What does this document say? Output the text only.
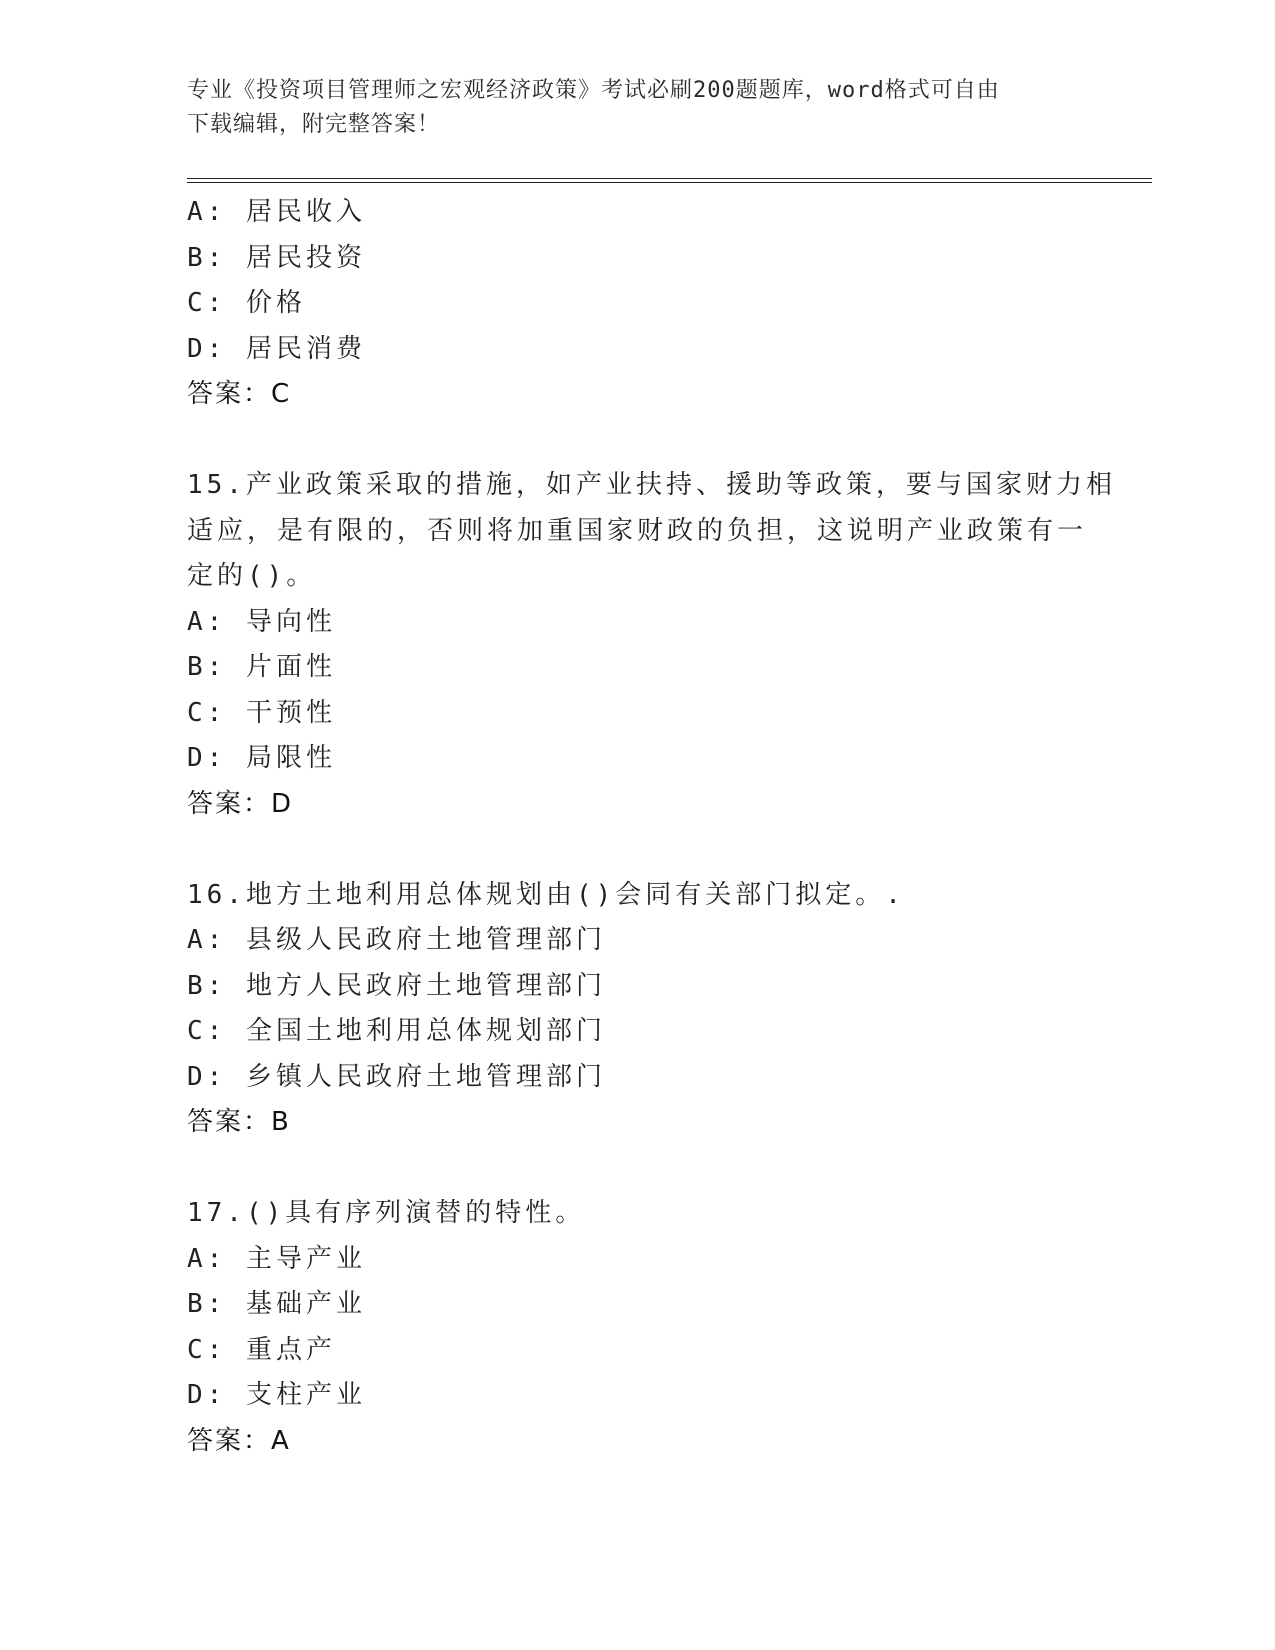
专业《投资项目管理师之宏观经济政策》考试必刷200题题库，word格式可自由
下载编辑，附完整答案！
A: 居民收入
B: 居民投资
C: 价格
D: 居民消费
答案：C
15.产业政策采取的措施，如产业扶持、援助等政策，要与国家财力相
适应，是有限的，否则将加重国家财政的负担，这说明产业政策有一
定的()。
A: 导向性
B: 片面性
C: 干预性
D: 局限性
答案：D
16.地方土地利用总体规划由()会同有关部门拟定。.
A: 县级人民政府土地管理部门
B: 地方人民政府土地管理部门
C: 全国土地利用总体规划部门
D: 乡镇人民政府土地管理部门
答案：B
17.()具有序列演替的特性。
A: 主导产业
B: 基础产业
C: 重点产
D: 支柱产业
答案：A
